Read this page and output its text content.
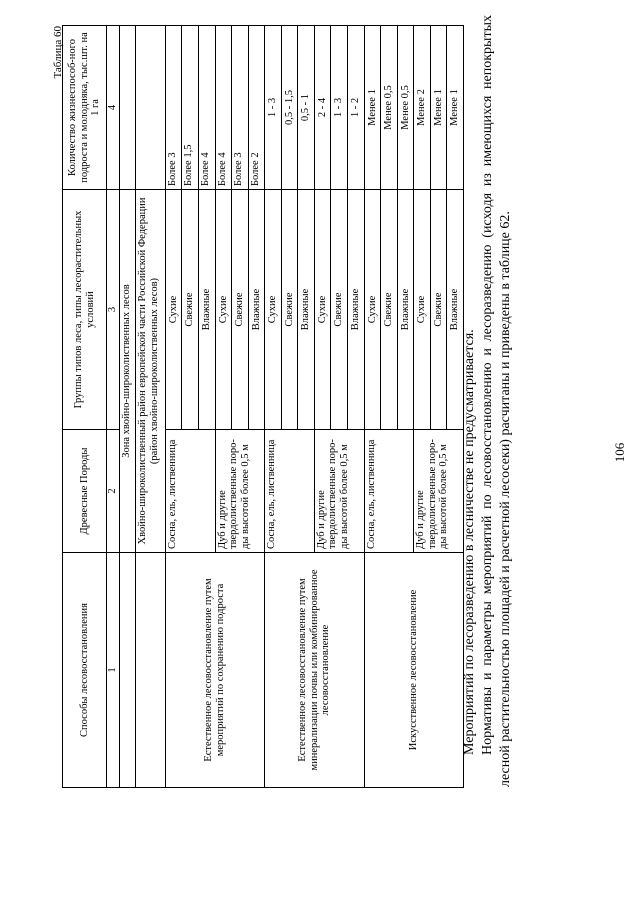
Таблица 60
Способы лесовосстановления	Древесные Породы	Группы типов леса, типы лесорастительных условий	Количество жизнеспособ-ного подроста и молодняка, тыс.шт. на 1 га
1	2	3	4
	Зона хвойно-широколиственных лесов		
	Хвойно-широколиственный район европейской части Российской Федерации (район хвойно-широколиственных лесов)		
Естественное лесовосстановление путем мероприятий по сохранению подроста	Сосна, ель, лиственница	Сухие	Более 3
		Свежие	Более 1,5
		Влажные	Более 4
	Дуб и другие твердолиственные поро-ды высотой более 0,5 м	Сухие	Более 4
		Свежие	Более 3
		Влажные	Более 2
Естественное лесовосстановление путем минерализации почвы или комбинированное лесовосстановление	Сосна, ель, лиственница	Сухие	1 - 3
		Свежие	0,5 - 1,5
		Влажные	0,5 - 1
	Дуб и другие твердолиственные поро-ды высотой более 0,5 м	Сухие	2 - 4
		Свежие	1 - 3
		Влажные	1 - 2
Искусственное лесовосстановление	Сосна, ель, лиственница	Сухие	Менее 1
		Свежие	Менее 0,5
		Влажные	Менее 0,5
	Дуб и другие твердолиственные поро-ды высотой более 0,5 м	Сухие	Менее 2
		Свежие	Менее 1
		Влажные	Менее 1

Мероприятий по лесоразведению в лесничестве не предусматривается. Нормативы и параметры мероприятий по лесовосстановлению и лесоразведению (исходя из имеющихся непокрытых лесной растительностью площадей и расчетной лесосеки) расчитаны и приведены в таблице 62.	106
